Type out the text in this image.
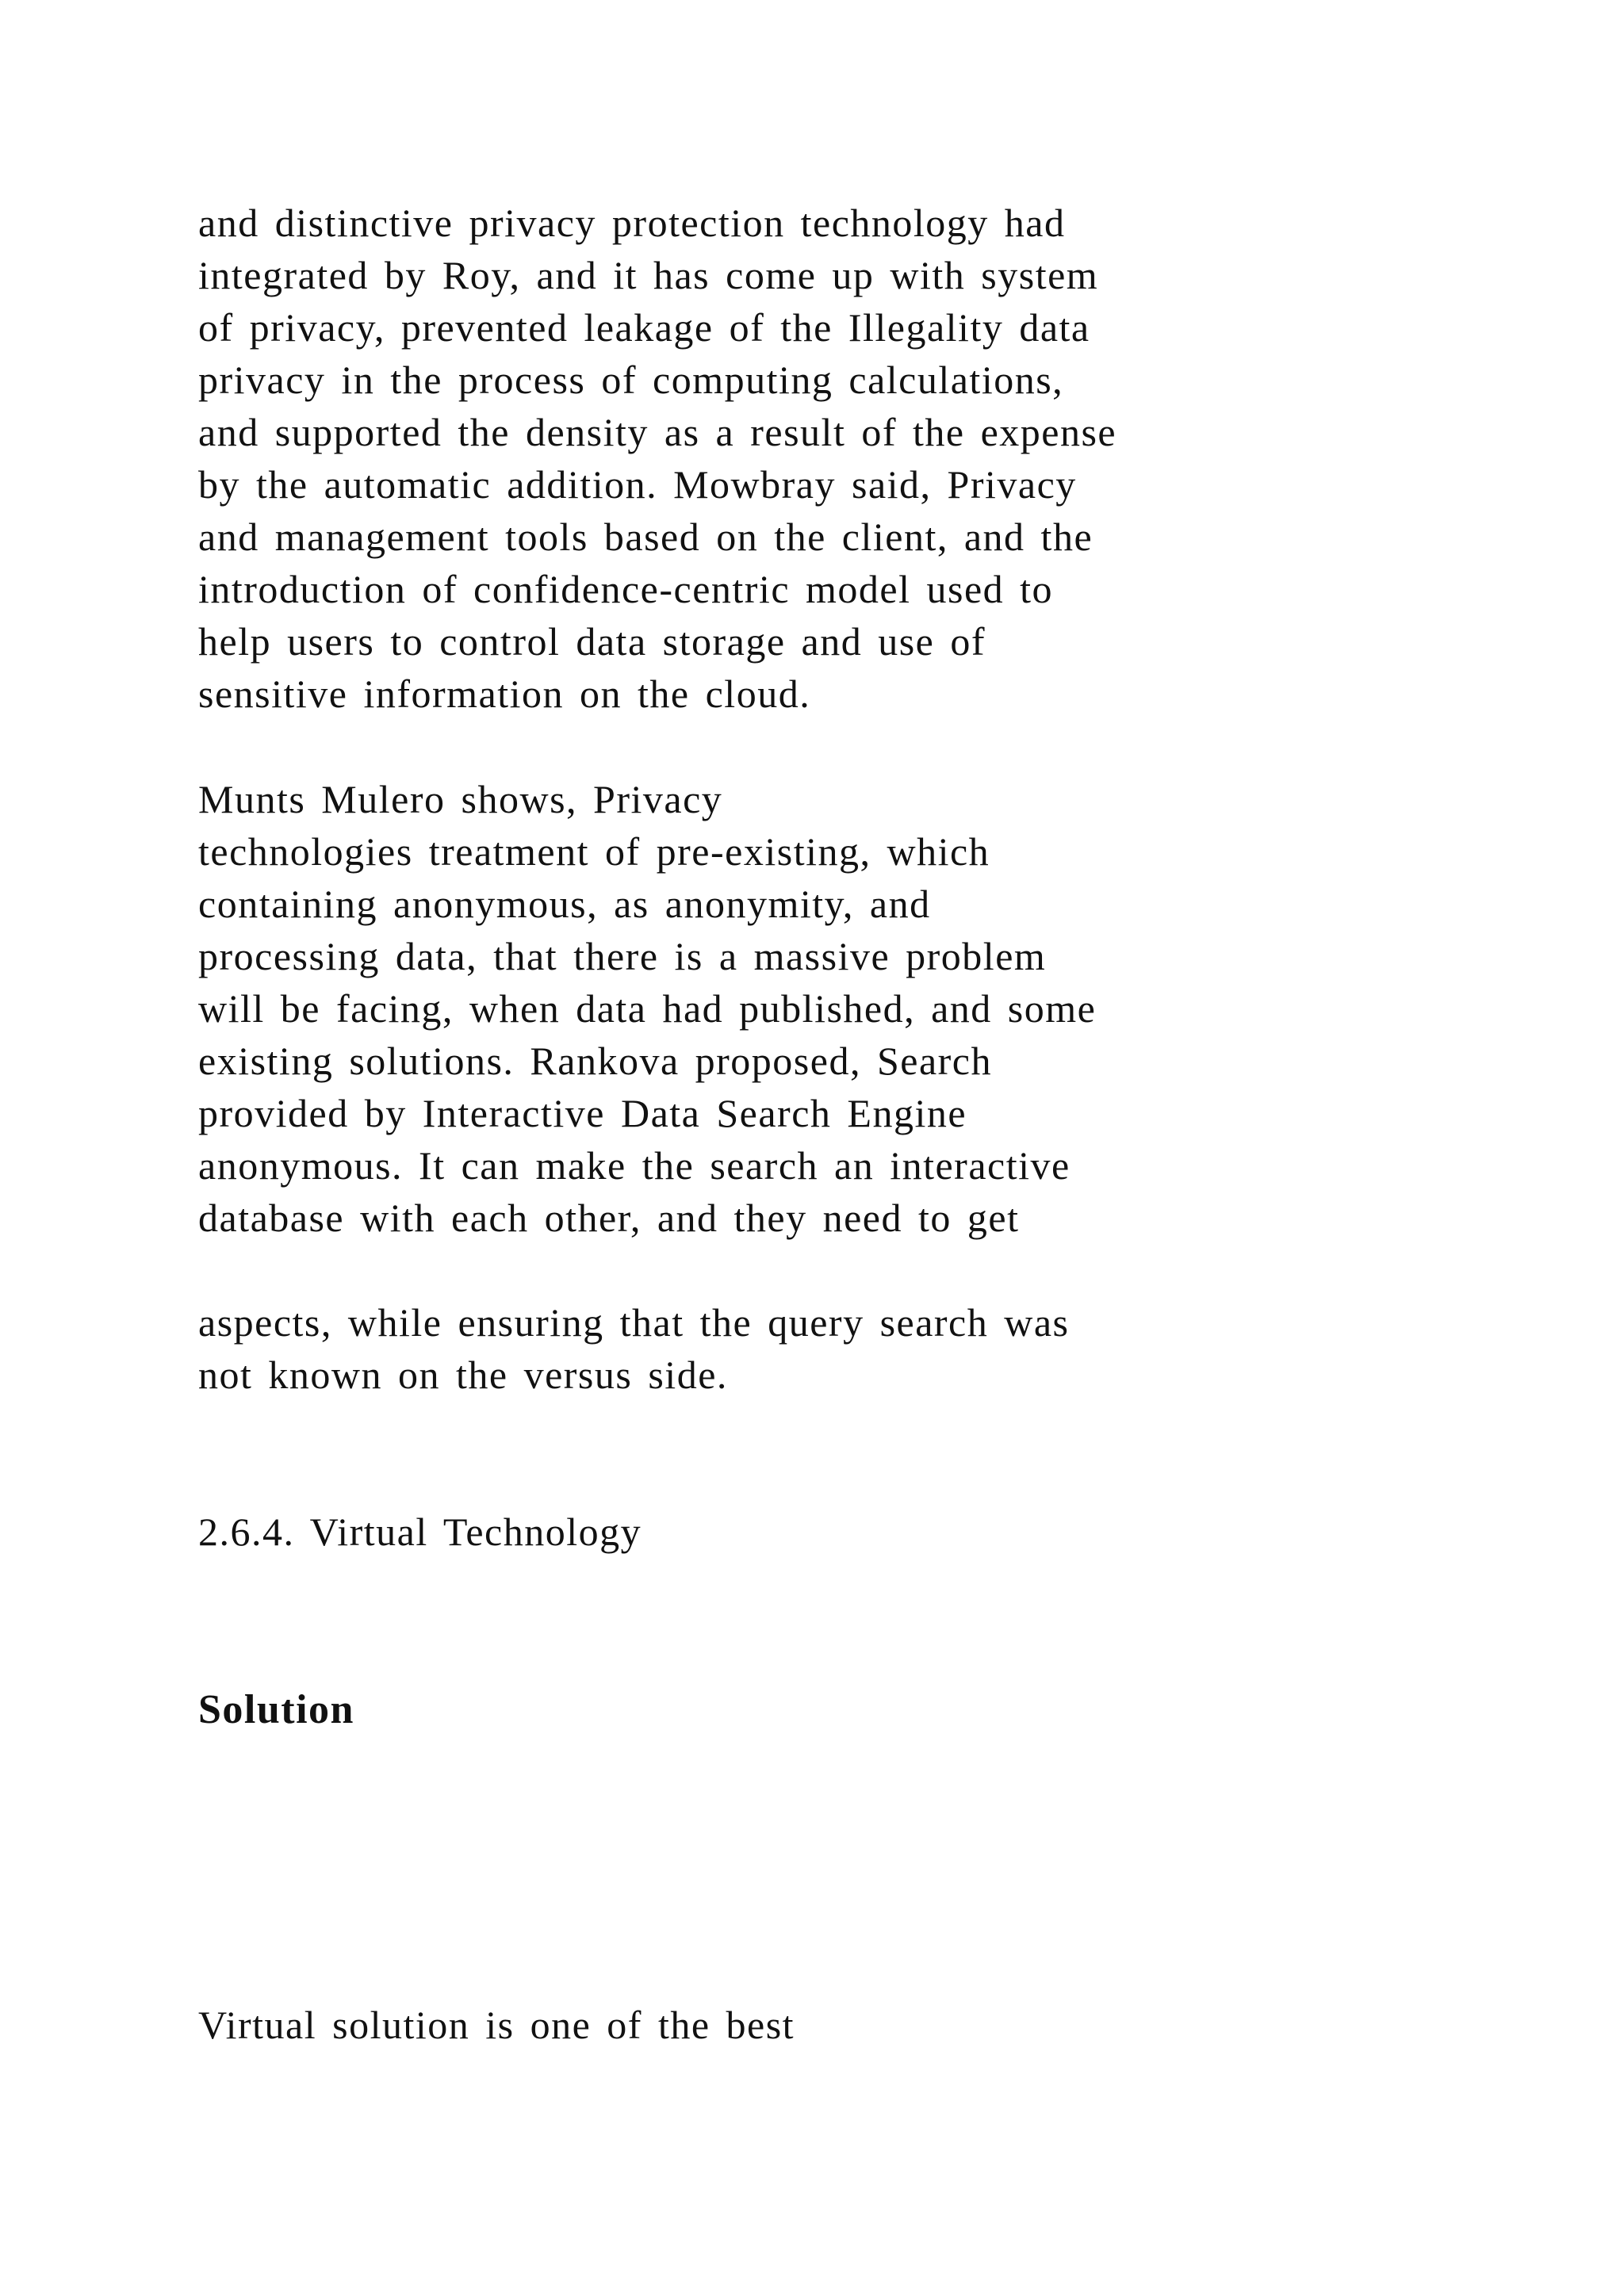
and distinctive privacy protection technology had
integrated by Roy, and it has come up with system
of privacy, prevented leakage of the Illegality data
privacy in the process of computing calculations,
and supported the density as a result of the expense
by the automatic addition. Mowbray said, Privacy
and management tools based on the client, and the
introduction of confidence-centric model used to
help users to control data storage and use of
sensitive information on the cloud.
Munts Mulero shows, Privacy
technologies treatment of pre-existing, which
containing anonymous, as anonymity, and
processing data, that there is a massive problem
will be facing, when data had published, and some
existing solutions. Rankova proposed, Search
provided by Interactive Data Search Engine
anonymous. It can make the search an interactive
database with each other, and they need to get
aspects, while ensuring that the query search was
not known on the versus side.
2.6.4. Virtual Technology
Solution
Virtual solution is one of the best
